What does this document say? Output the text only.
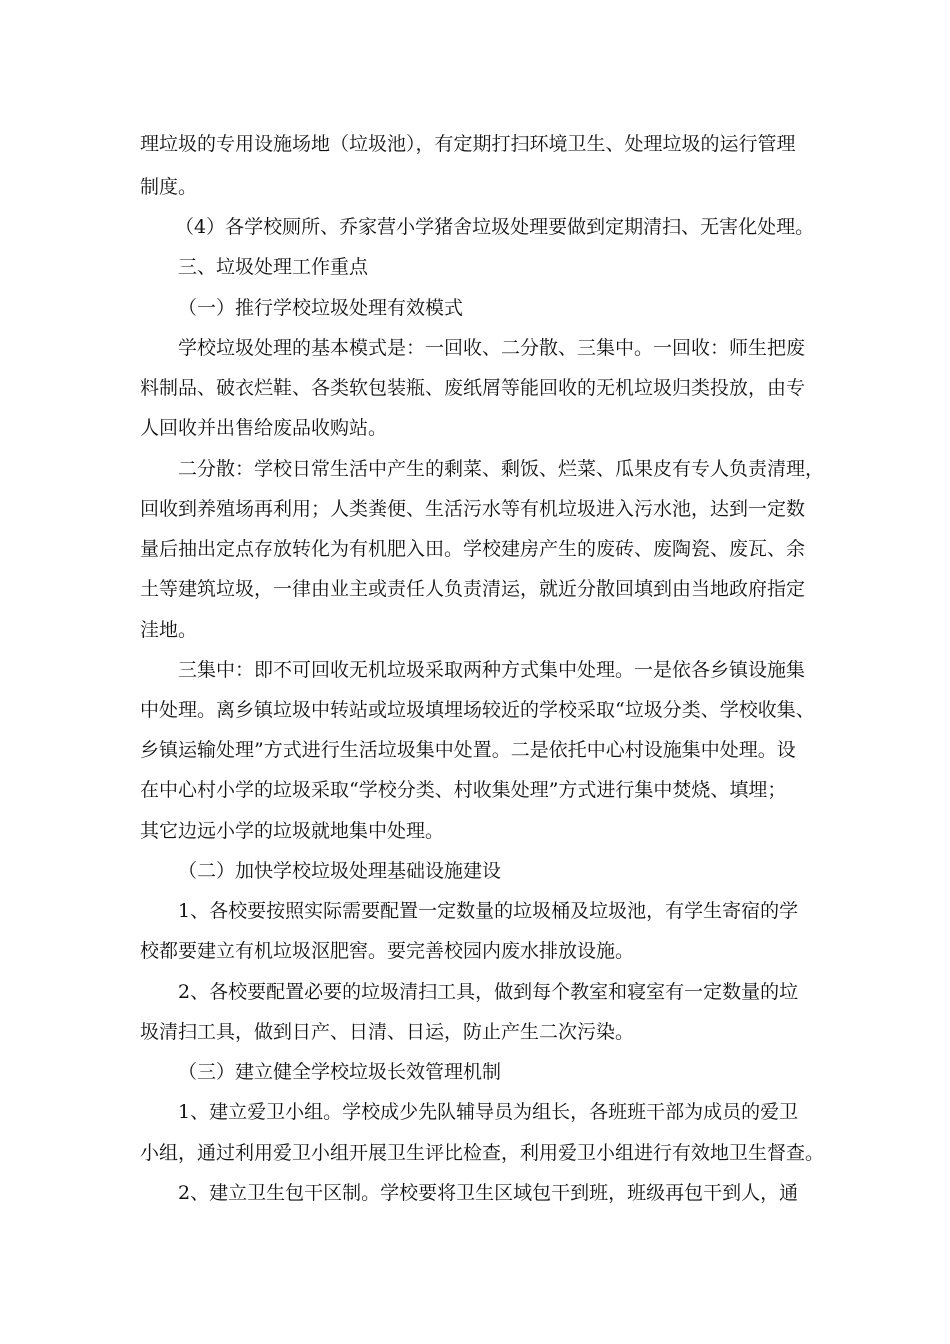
理垃圾的专用设施场地（垃圾池），有定期打扫环境卫生、处理垃圾的运行管理
制度。
（4）各学校厕所、乔家营小学猪舍垃圾处理要做到定期清扫、无害化处理。
三、垃圾处理工作重点
（一）推行学校垃圾处理有效模式
学校垃圾处理的基本模式是：一回收、二分散、三集中。一回收：师生把废
料制品、破衣烂鞋、各类软包装瓶、废纸屑等能回收的无机垃圾归类投放，由专
人回收并出售给废品收购站。
二分散：学校日常生活中产生的剩菜、剩饭、烂菜、瓜果皮有专人负责清理，
回收到养殖场再利用；人类粪便、生活污水等有机垃圾进入污水池，达到一定数
量后抽出定点存放转化为有机肥入田。学校建房产生的废砖、废陶瓷、废瓦、余
土等建筑垃圾，一律由业主或责任人负责清运，就近分散回填到由当地政府指定
洼地。
三集中：即不可回收无机垃圾采取两种方式集中处理。一是依各乡镇设施集
中处理。离乡镇垃圾中转站或垃圾填埋场较近的学校采取“垃圾分类、学校收集、
乡镇运输处理”方式进行生活垃圾集中处置。二是依托中心村设施集中处理。设
在中心村小学的垃圾采取“学校分类、村收集处理”方式进行集中焚烧、填埋；
其它边远小学的垃圾就地集中处理。
（二）加快学校垃圾处理基础设施建设
1、各校要按照实际需要配置一定数量的垃圾桶及垃圾池，有学生寄宿的学
校都要建立有机垃圾沤肥窖。要完善校园内废水排放设施。
2、各校要配置必要的垃圾清扫工具，做到每个教室和寝室有一定数量的垃
圾清扫工具，做到日产、日清、日运，防止产生二次污染。
（三）建立健全学校垃圾长效管理机制
1、建立爱卫小组。学校成少先队辅导员为组长，各班班干部为成员的爱卫
小组，通过利用爱卫小组开展卫生评比检查，利用爱卫小组进行有效地卫生督查。
2、建立卫生包干区制。学校要将卫生区域包干到班，班级再包干到人，通
